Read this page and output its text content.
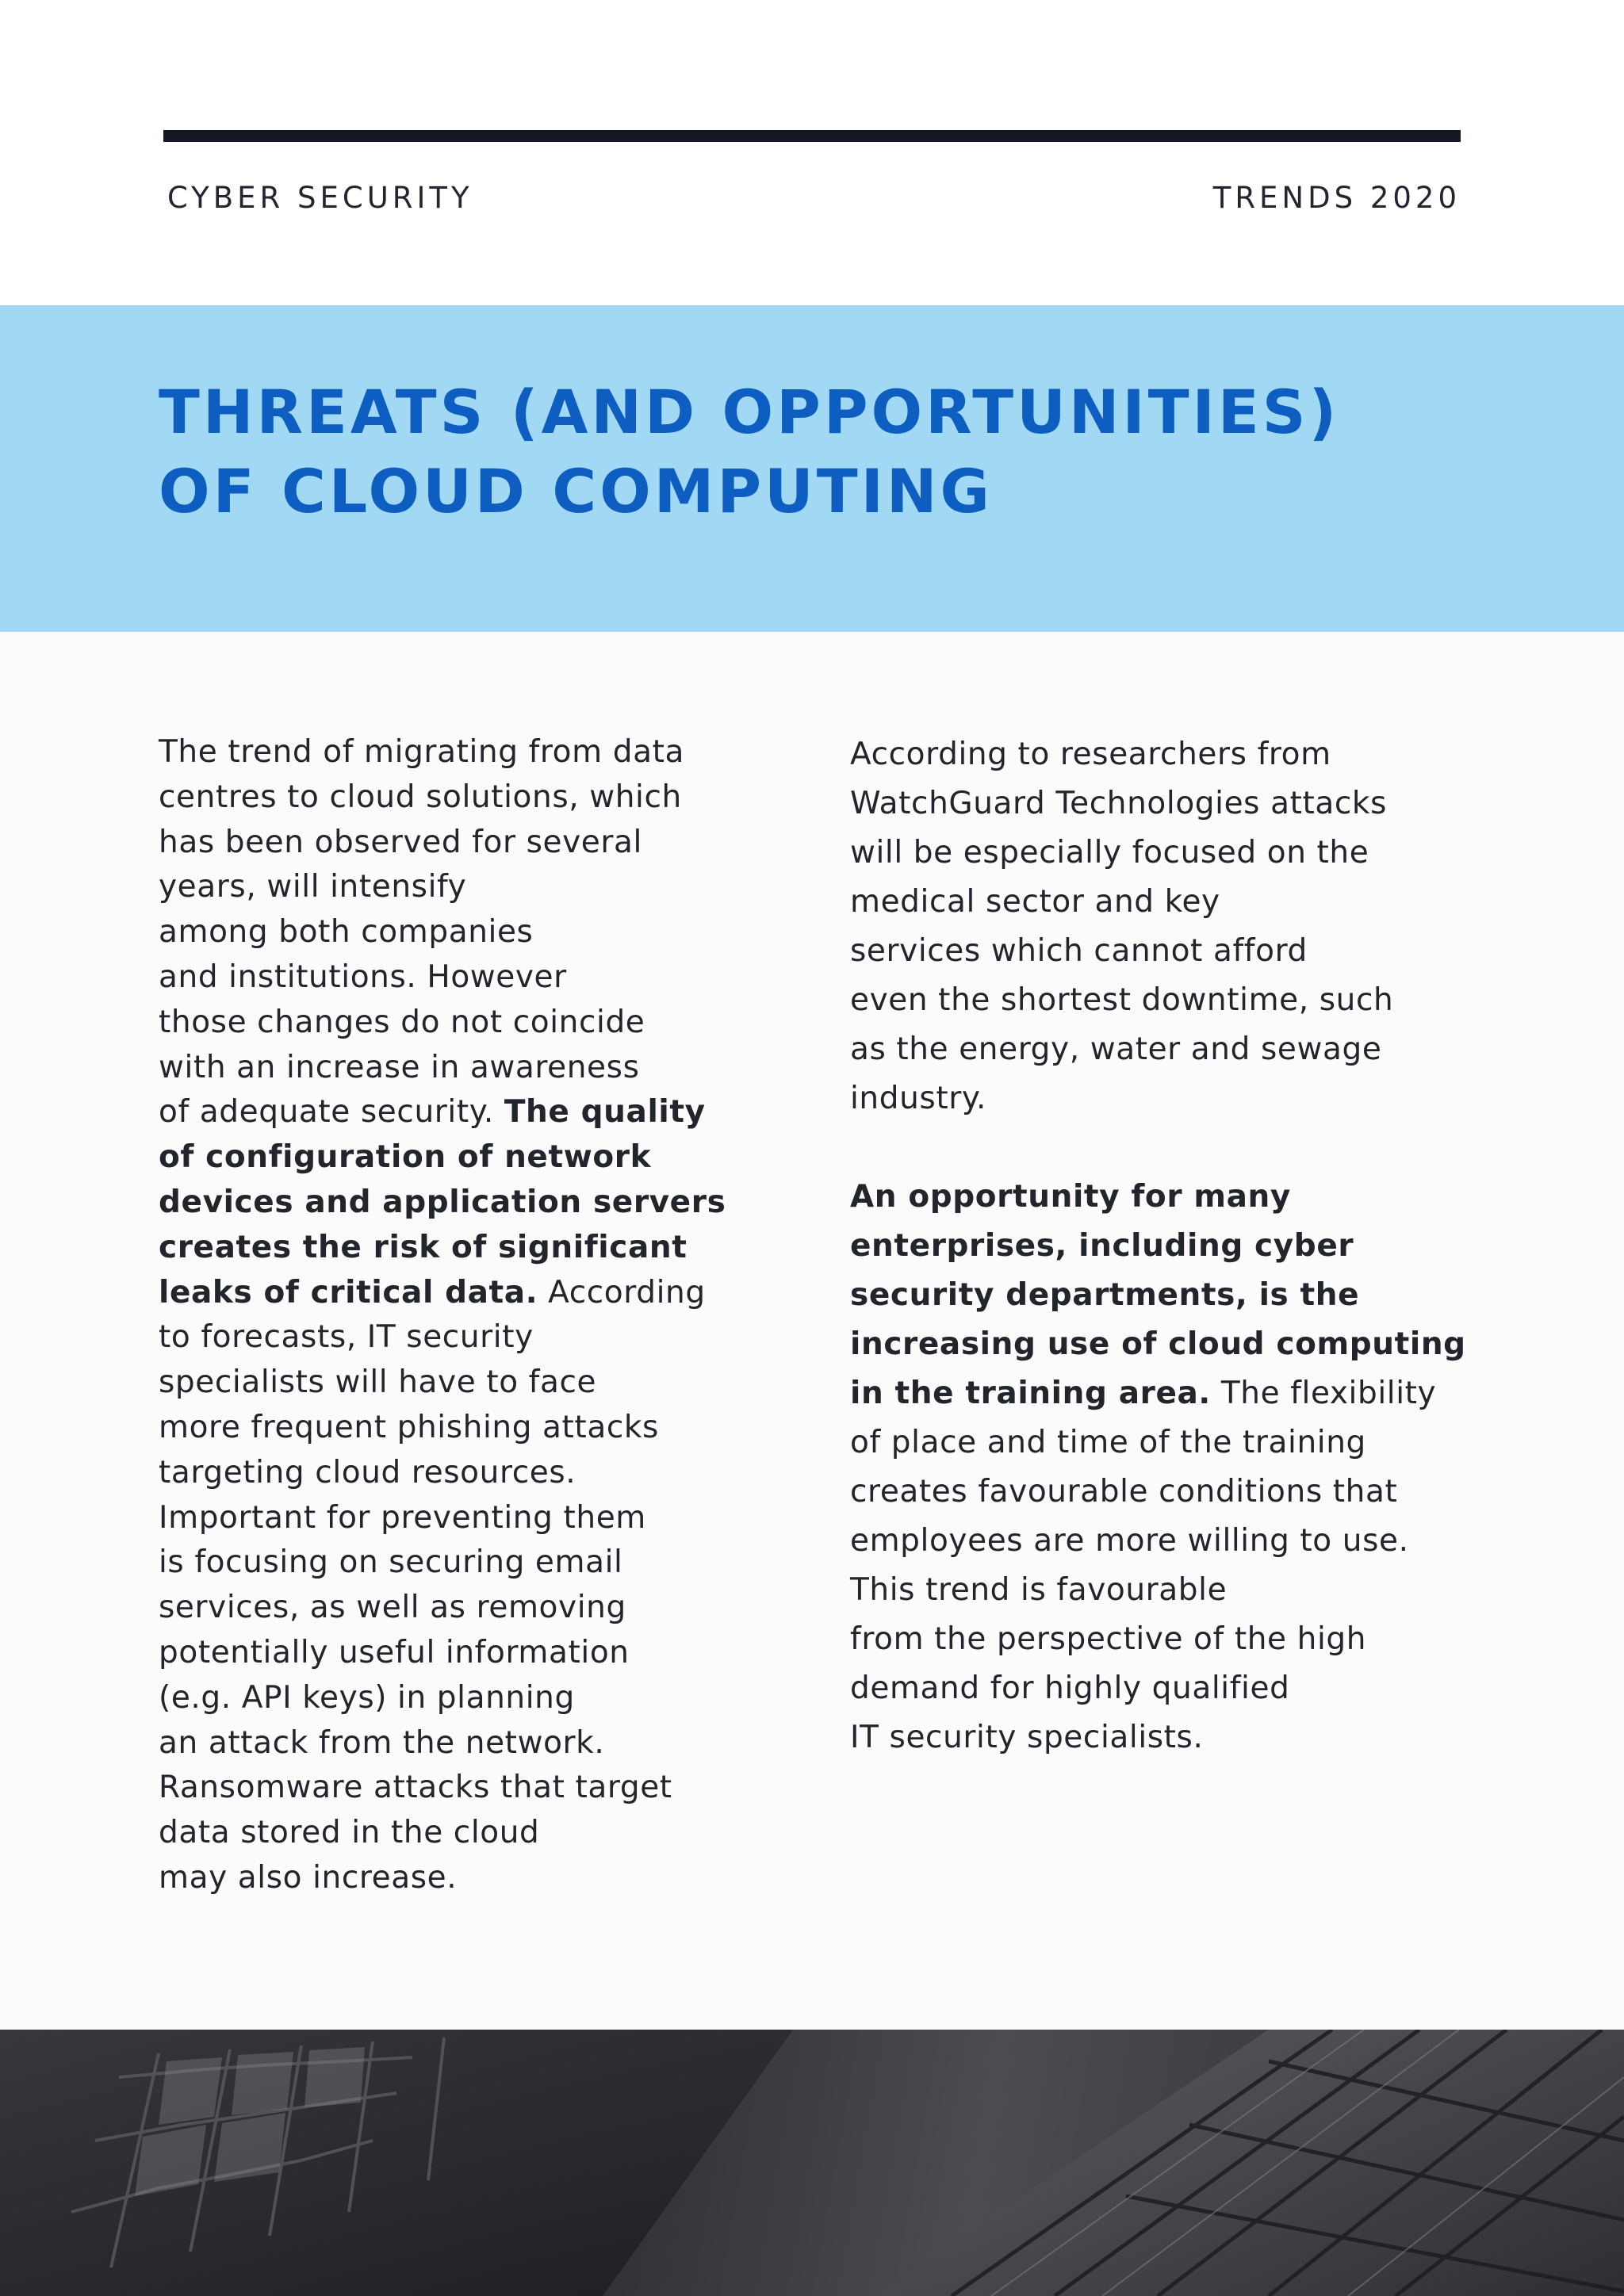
CYBER SECURITY	TRENDS 2020
THREATS (AND OPPORTUNITIES)
OF CLOUD COMPUTING
The trend of migrating from data
centres to cloud solutions, which
has been observed for several
years, will intensify
among both companies
and institutions. However
those changes do not coincide
with an increase in awareness
of adequate security. The quality
of configuration of network
devices and application servers
creates the risk of significant
leaks of critical data. According
to forecasts, IT security
specialists will have to face
more frequent phishing attacks
targeting cloud resources.
Important for preventing them
is focusing on securing email
services, as well as removing
potentially useful information
(e.g. API keys) in planning
an attack from the network.
Ransomware attacks that target
data stored in the cloud
may also increase.
According to researchers from
WatchGuard Technologies attacks
will be especially focused on the
medical sector and key
services which cannot afford
even the shortest downtime, such
as the energy, water and sewage
industry.
An opportunity for many
enterprises, including cyber
security departments, is the
increasing use of cloud computing
in the training area. The flexibility
of place and time of the training
creates favourable conditions that
employees are more willing to use.
This trend is favourable
from the perspective of the high
demand for highly qualified
IT security specialists.
